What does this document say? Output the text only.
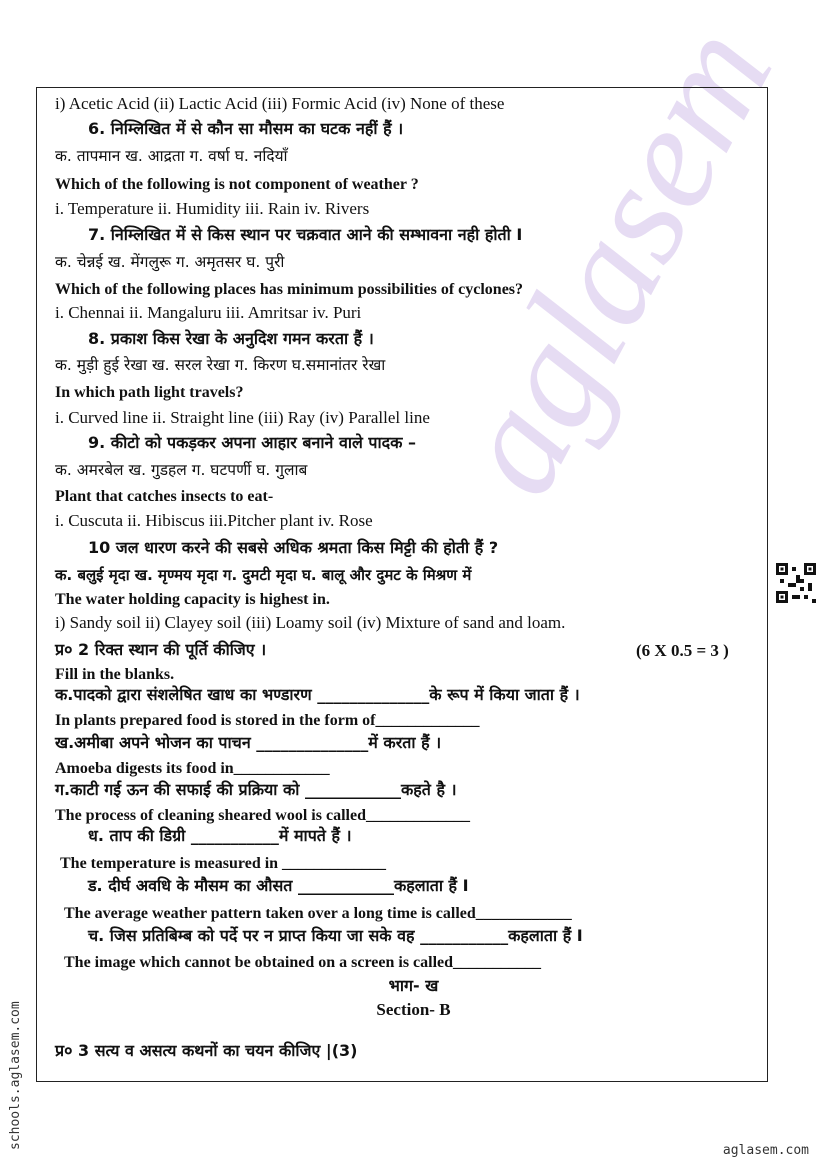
aglasem
i) Acetic Acid (ii) Lactic Acid (iii) Formic Acid (iv) None of these
6. निम्लिखित में से कौन सा मौसम का घटक नहीं हैं ।
क. तापमान ख. आद्रता ग. वर्षा घ. नदियाँ
Which of the following is not component of weather ?
i. Temperature ii. Humidity iii. Rain iv. Rivers
7. निम्लिखित में से किस स्थान पर चक्रवात आने की सम्भावना नही होती I
क. चेन्नई ख. मेंगलुरू ग. अमृतसर घ. पुरी
Which of the following places has minimum possibilities of cyclones?
i. Chennai ii. Mangaluru iii. Amritsar iv. Puri
8. प्रकाश किस रेखा के अनुदिश गमन करता हैं ।
क. मुड़ी हुई रेखा ख. सरल रेखा ग. किरण घ.समानांतर रेखा
In which path light travels?
i. Curved line ii. Straight line (iii) Ray (iv) Parallel line
9. कीटो को पकड़कर अपना आहार बनाने वाले पादक –
क. अमरबेल ख. गुडहल ग. घटपर्णी घ. गुलाब
Plant that catches insects to eat-
i. Cuscuta ii. Hibiscus iii.Pitcher plant iv. Rose
10 जल धारण करने की सबसे अधिक श्रमता किस मिट्टी की होती हैं ?
क. बलुई मृदा ख. मृण्मय मृदा ग. दुमटी मृदा घ. बालू और दुमट के मिश्रण में
The water holding capacity is highest in.
i) Sandy soil ii) Clayey soil (iii) Loamy soil (iv) Mixture of sand and loam.
प्र० 2 रिक्त स्थान की पूर्ति कीजिए ।	(6 X 0.5 = 3 )
Fill in the blanks.
क.पादको द्वारा संशलेषित खाध का भण्डारण ______________के रूप में किया जाता हैं ।
In plants prepared food is stored in the form of_____________
ख.अमीबा अपने भोजन का पाचन ______________में करता हैं ।
Amoeba digests its food in____________
ग.काटी गई ऊन की सफाई की प्रक्रिया को ____________कहते है ।
The process of cleaning sheared wool is called_____________
ध. ताप की डिग्री ___________में मापते हैं ।
The temperature is measured in _____________
ड. दीर्घ अवधि के मौसम का औसत ____________कहलाता हैं I
The average weather pattern taken over a long time is called____________
च. जिस प्रतिबिम्ब को पर्दे पर न प्राप्त किया जा सके वह ___________कहलाता हैं I
The image which cannot be obtained on a screen is called___________
भाग- ख
Section- B
प्र० 3 सत्य व असत्य कथनों का चयन कीजिए |(3)
schools.aglasem.com
aglasem.com
